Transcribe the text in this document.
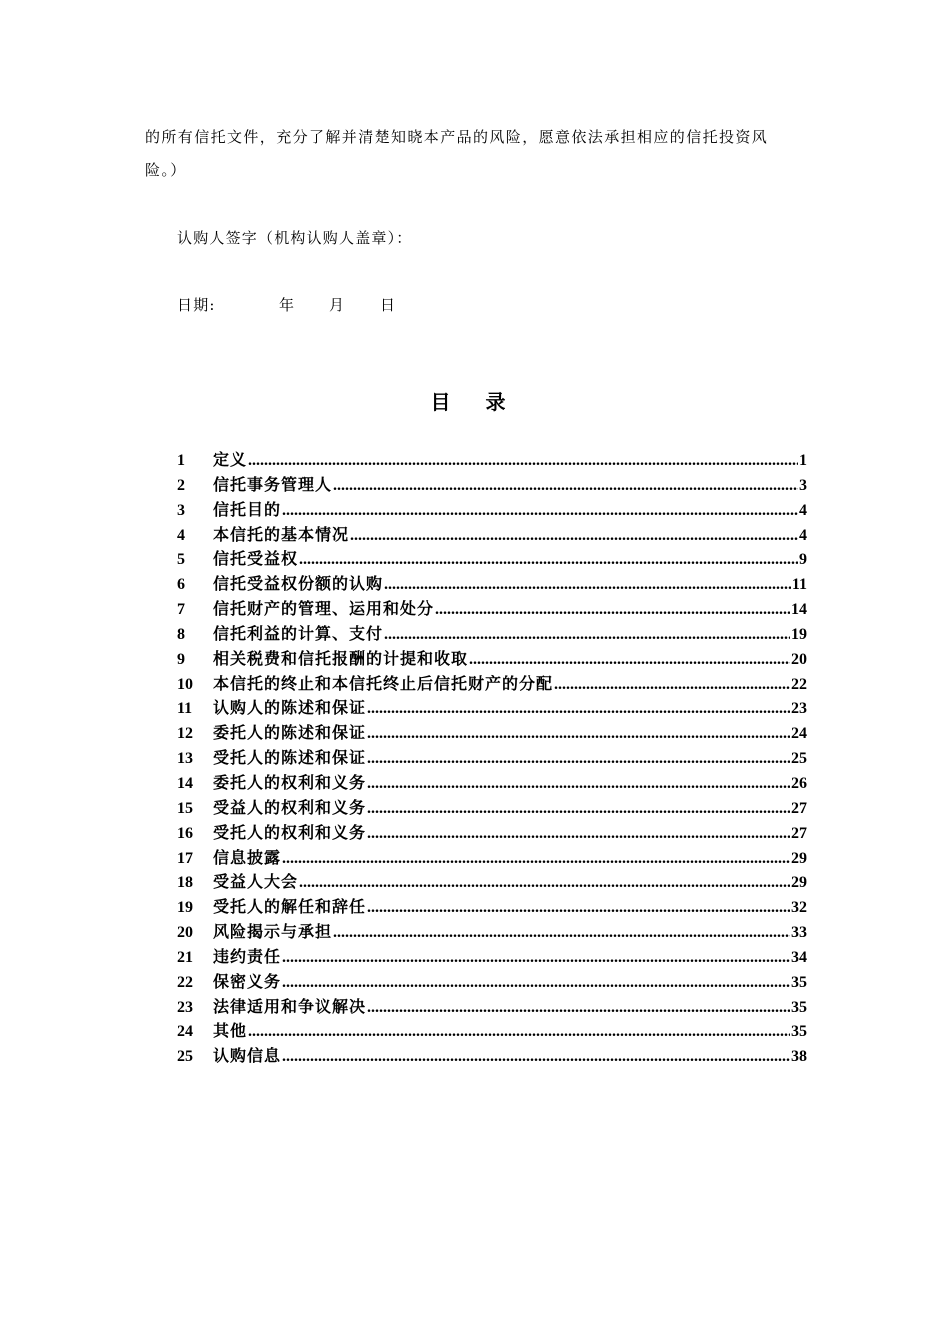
的所有信托文件，充分了解并清楚知晓本产品的风险，愿意依法承担相应的信托投资风
险。）
认购人签字（机构认购人盖章）：
日期:	年 月 日
目 录
1	定义 .....	1
2	信托事务管理人 .....	3
3	信托目的 .....	4
4	本信托的基本情况 .....	4
5	信托受益权 .....	9
6	信托受益权份额的认购 .....	11
7	信托财产的管理、运用和处分 .....	14
8	信托利益的计算、支付 .....	19
9	相关税费和信托报酬的计提和收取 .....	20
10	本信托的终止和本信托终止后信托财产的分配 .....	22
11	认购人的陈述和保证 .....	23
12	委托人的陈述和保证 .....	24
13	受托人的陈述和保证 .....	25
14	委托人的权利和义务 .....	26
15	受益人的权利和义务 .....	27
16	受托人的权利和义务 .....	27
17	信息披露 .....	29
18	受益人大会 .....	29
19	受托人的解任和辞任 .....	32
20	风险揭示与承担 .....	33
21	违约责任 .....	34
22	保密义务 .....	35
23	法律适用和争议解决 .....	35
24	其他 .....	35
25	认购信息 .....	38
